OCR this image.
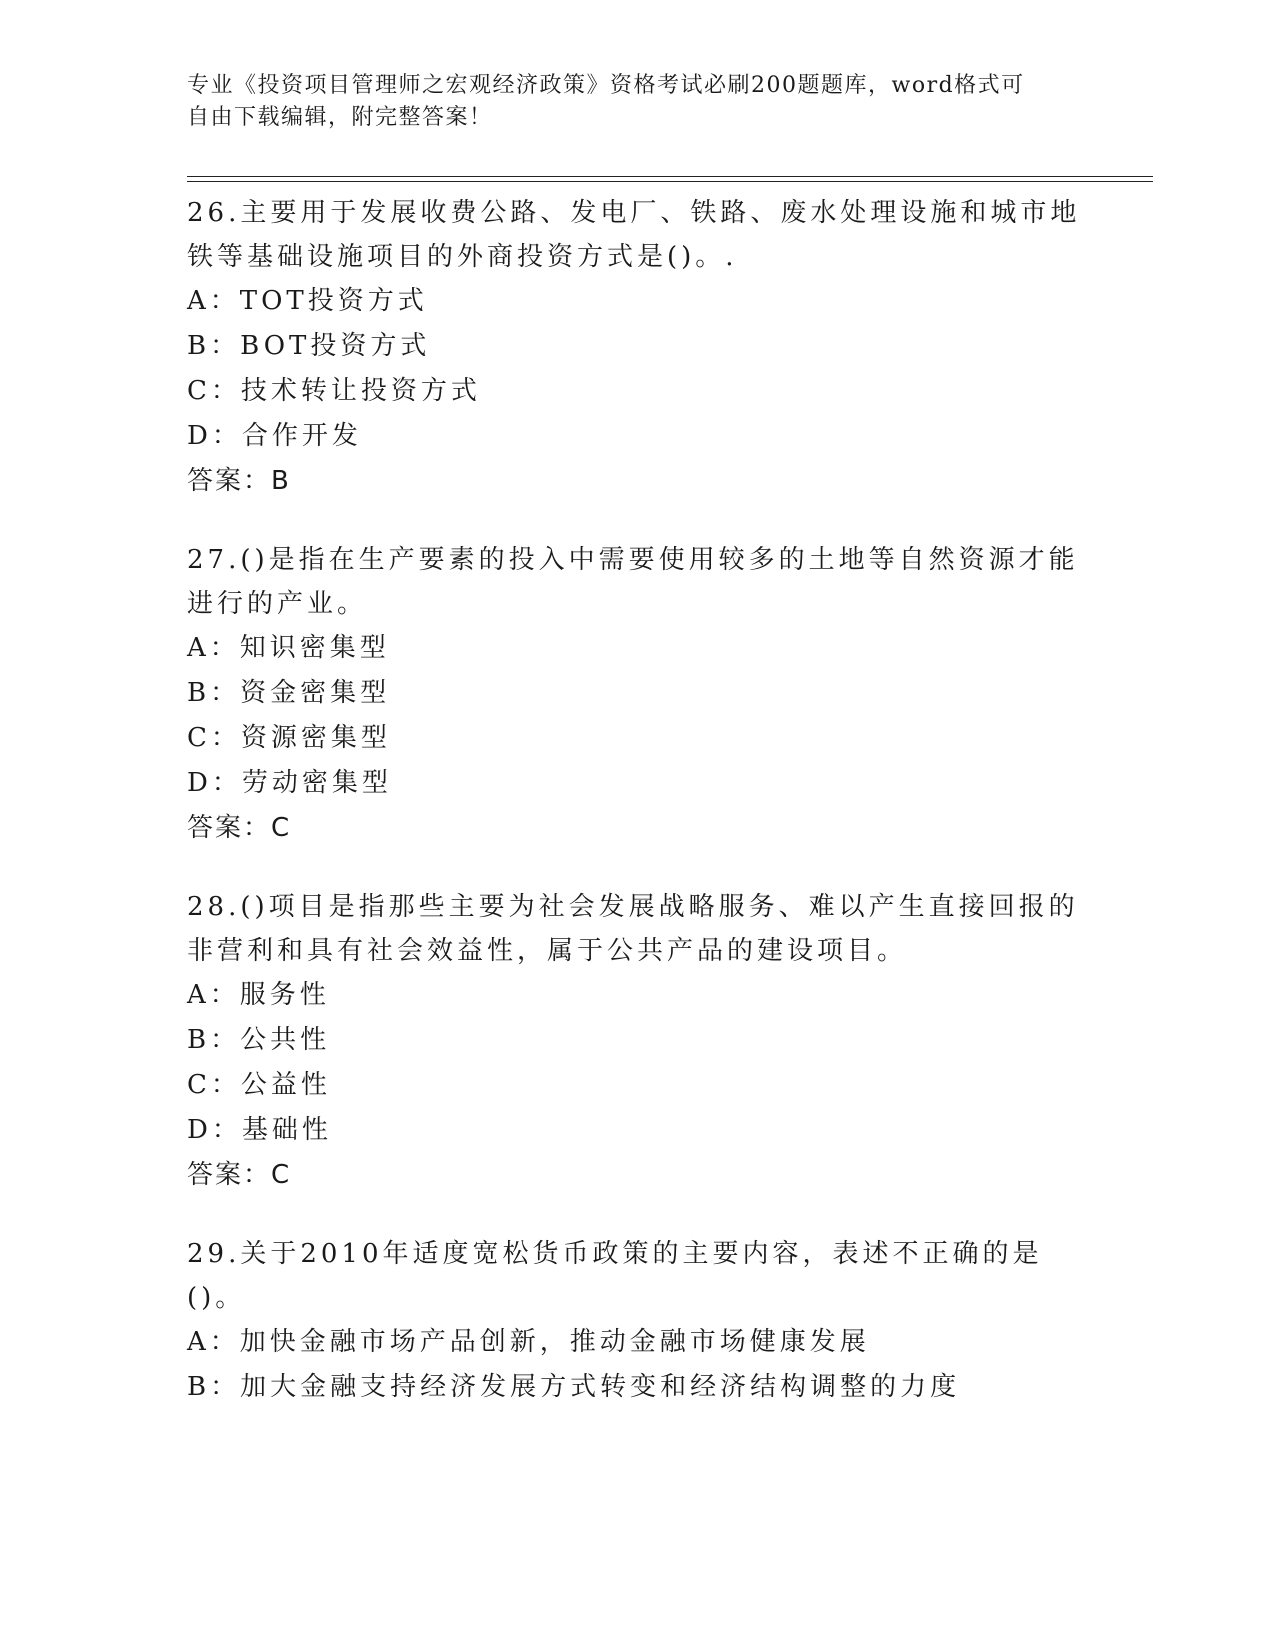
专业《投资项目管理师之宏观经济政策》资格考试必刷200题题库，word格式可
自由下载编辑，附完整答案！
26.主要用于发展收费公路、发电厂、铁路、废水处理设施和城市地铁等基础设施项目的外商投资方式是()。.
A：TOT投资方式
B：BOT投资方式
C：技术转让投资方式
D：合作开发
答案：B
27.()是指在生产要素的投入中需要使用较多的土地等自然资源才能进行的产业。
A：知识密集型
B：资金密集型
C：资源密集型
D：劳动密集型
答案：C
28.()项目是指那些主要为社会发展战略服务、难以产生直接回报的非营利和具有社会效益性，属于公共产品的建设项目。
A：服务性
B：公共性
C：公益性
D：基础性
答案：C
29.关于2010年适度宽松货币政策的主要内容，表述不正确的是()。
A：加快金融市场产品创新，推动金融市场健康发展
B：加大金融支持经济发展方式转变和经济结构调整的力度
